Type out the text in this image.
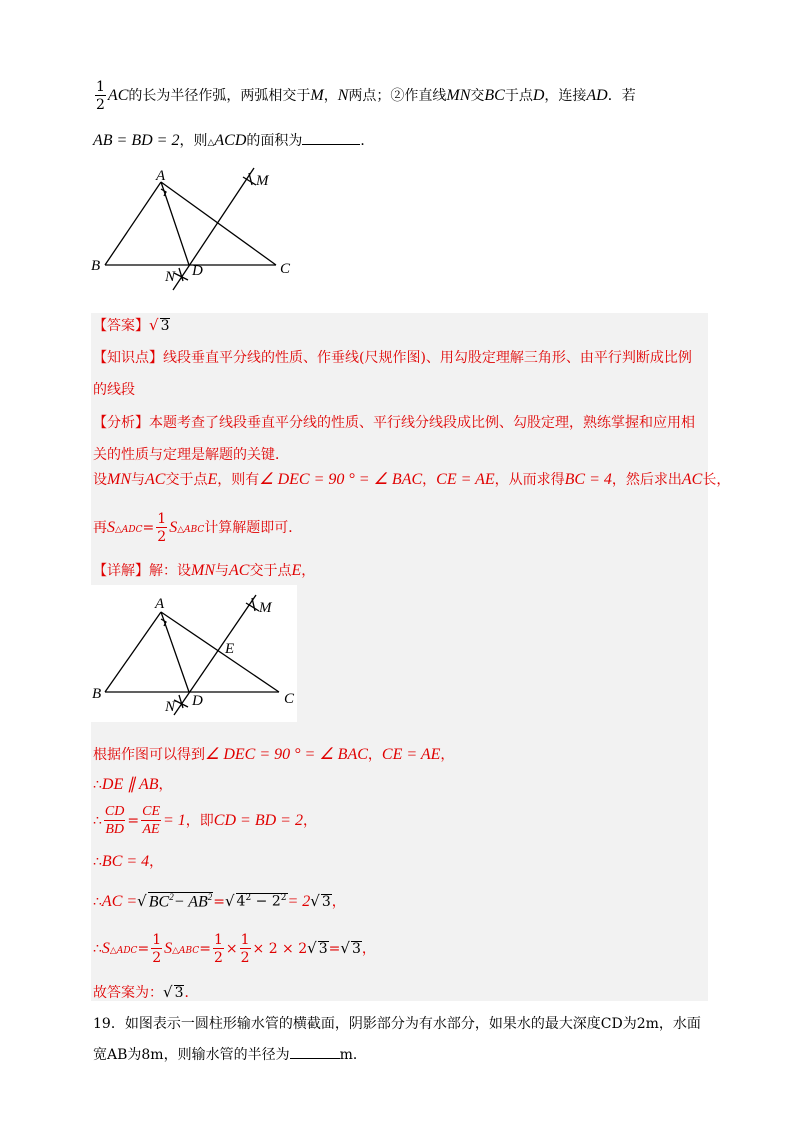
$\frac{1}{2}$ AC的长为半径作弧，两弧相交于M，N两点；②作直线MN交BC于点D，连接AD．若
AB = BD = 2，则△ACD的面积为	．
A
B	C
D
M
N
【答案】√ 3
【知识点】线段垂直平分线的性质、作垂线(尺规作图)、用勾股定理解三角形、由平行判断成比例
的线段
【分析】本题考查了线段垂直平分线的性质、平行线分线段成比例、勾股定理，熟练掌握和应用相
关的性质与定理是解题的关键．
设MN与AC交于点E，则有∠ DEC = 90 ° = ∠ BAC，CE = AE，从而求得BC = 4，然后求出AC长，
再S△ADC= $\frac{1}{2}$ S△ABC计算解题即可．
【详解】解：设MN与AC交于点E，
A
B	C
D
M
N
E
根据作图可以得到∠ DEC = 90 ° = ∠ BAC，CE = AE，
∴DE ∥ AB，
∴ $\frac{CD}{BD} = \frac{CE}{AE} = 1$，即CD = BD = 2，
∴BC = 4，
∴AC =√ $BC^2- AB^2=√$ $4^2 - 2^2= 2√$ 3，
∴S△ADC= $\frac{1}{2}$ S△ABC= $\frac{1}{2} \times \frac{1}{2} \times 2 \times 2√$ 3=√ 3，
故答案为：√ 3．
19．如图表示一圆柱形输水管的横截面，阴影部分为有水部分，如果水的最大深度CD为2m，水面
宽AB为8m，则输水管的半径为	m．
